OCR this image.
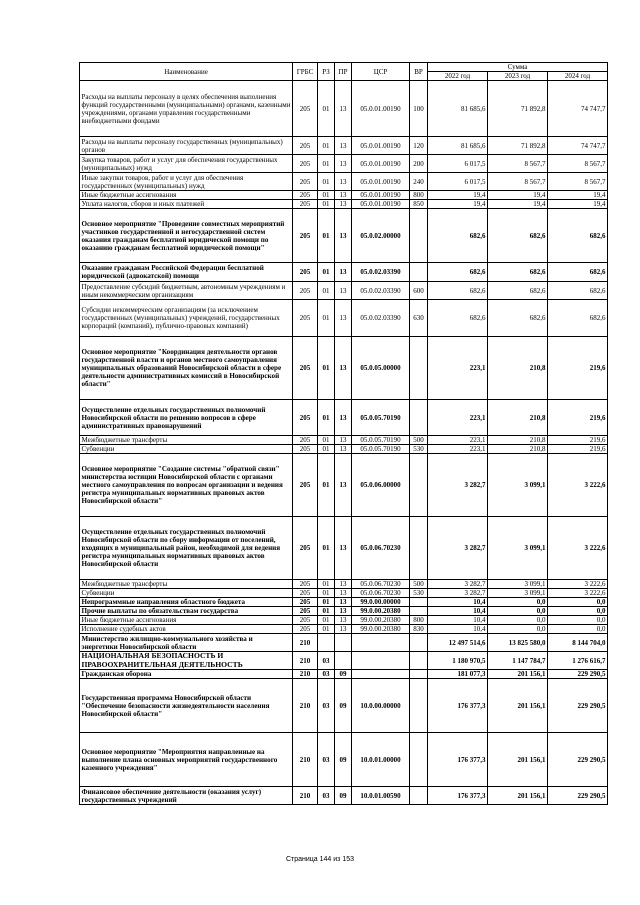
Наименование	ГРБС	РЗ	ПР	ЦСР	ВР	Сумма		
						2022 год	2023 год	2024 год
Расходы на выплаты персоналу в целях обеспечения выполнения функций государственными (муниципальными) органами, казенными учреждениями, органами управления государственными внебюджетными фондами	205	01	13	05.0.01.00190	100	81 685,6	71 892,8	74 747,7
Расходы на выплаты персоналу государственных (муниципальных) органов	205	01	13	05.0.01.00190	120	81 685,6	71 892,8	74 747,7
Закупка товаров, работ и услуг для обеспечения государственных (муниципальных) нужд	205	01	13	05.0.01.00190	200	6 017,5	8 567,7	8 567,7
Иные закупки товаров, работ и услуг для обеспечения государственных (муниципальных) нужд	205	01	13	05.0.01.00190	240	6 017,5	8 567,7	8 567,7
Иные бюджетные ассигнования	205	01	13	05.0.01.00190	800	19,4	19,4	19,4
Уплата налогов, сборов и иных платежей	205	01	13	05.0.01.00190	850	19,4	19,4	19,4
Основное мероприятие "Проведение совместных мероприятий участников государственной и негосударственной систем оказания гражданам бесплатной юридической помощи по оказанию гражданам бесплатной юридической помощи"	205	01	13	05.0.02.00000		682,6	682,6	682,6
Оказание гражданам Российской Федерации бесплатной юридической (адвокатской) помощи	205	01	13	05.0.02.03390		682,6	682,6	682,6
Предоставление субсидий бюджетным, автономным учреждениям и иным некоммерческим организациям	205	01	13	05.0.02.03390	600	682,6	682,6	682,6
Субсидии некоммерческим организациям (за исключением государственных (муниципальных) учреждений, государственных корпораций (компаний), публично-правовых компаний)	205	01	13	05.0.02.03390	630	682,6	682,6	682,6
Основное мероприятие "Координация деятельности органов государственной власти и органов местного самоуправления муниципальных образований Новосибирской области в сфере деятельности административных комиссий в Новосибирской области"	205	01	13	05.0.05.00000		223,1	210,8	219,6
Осуществление отдельных государственных полномочий Новосибирской области по решению вопросов в сфере административных правонарушений	205	01	13	05.0.05.70190		223,1	210,8	219,6
Межбюджетные трансферты	205	01	13	05.0.05.70190	500	223,1	210,8	219,6
Субвенции	205	01	13	05.0.05.70190	530	223,1	210,8	219,6
Основное мероприятие "Создание системы "обратной связи" министерства юстиции Новосибирской области с органами местного самоуправления по вопросам организации и ведения регистра муниципальных нормативных правовых актов Новосибирской области"	205	01	13	05.0.06.00000		3 282,7	3 099,1	3 222,6
Осуществление отдельных государственных полномочий Новосибирской области по сбору информации от поселений, входящих в муниципальный район, необходимой для ведения регистра муниципальных нормативных правовых актов Новосибирской области	205	01	13	05.0.06.70230		3 282,7	3 099,1	3 222,6
Межбюджетные трансферты	205	01	13	05.0.06.70230	500	3 282,7	3 099,1	3 222,6
Субвенции	205	01	13	05.0.06.70230	530	3 282,7	3 099,1	3 222,6
Непрограммные направления областного бюджета	205	01	13	99.0.00.00000		10,4	0,0	0,0
Прочие выплаты по обязательствам государства	205	01	13	99.0.00.20380		10,4	0,0	0,0
Иные бюджетные ассигнования	205	01	13	99.0.00.20380	800	10,4	0,0	0,0
Исполнение судебных актов	205	01	13	99.0.00.20380	830	10,4	0,0	0,0
Министерство жилищно-коммунального хозяйства и энергетики Новосибирской области	210					12 497 514,6	13 825 580,0	8 144 704,0
НАЦИОНАЛЬНАЯ БЕЗОПАСНОСТЬ И ПРАВООХРАНИТЕЛЬНАЯ ДЕЯТЕЛЬНОСТЬ	210	03				1 180 970,5	1 147 784,7	1 276 616,7
Гражданская оборона	210	03	09			181 077,3	201 156,1	229 290,5
Государственная программа Новосибирской области "Обеспечение безопасности жизнедеятельности населения Новосибирской области"	210	03	09	10.0.00.00000		176 377,3	201 156,1	229 290,5
Основное мероприятие "Мероприятия направленные на выполнение плана основных мероприятий государственного казенного учреждения"	210	03	09	10.0.01.00000		176 377,3	201 156,1	229 290,5
Финансовое обеспечение деятельности (оказания услуг) государственных учреждений	210	03	09	10.0.01.00590		176 377,3	201 156,1	229 290,5
Страница 144 из 153
